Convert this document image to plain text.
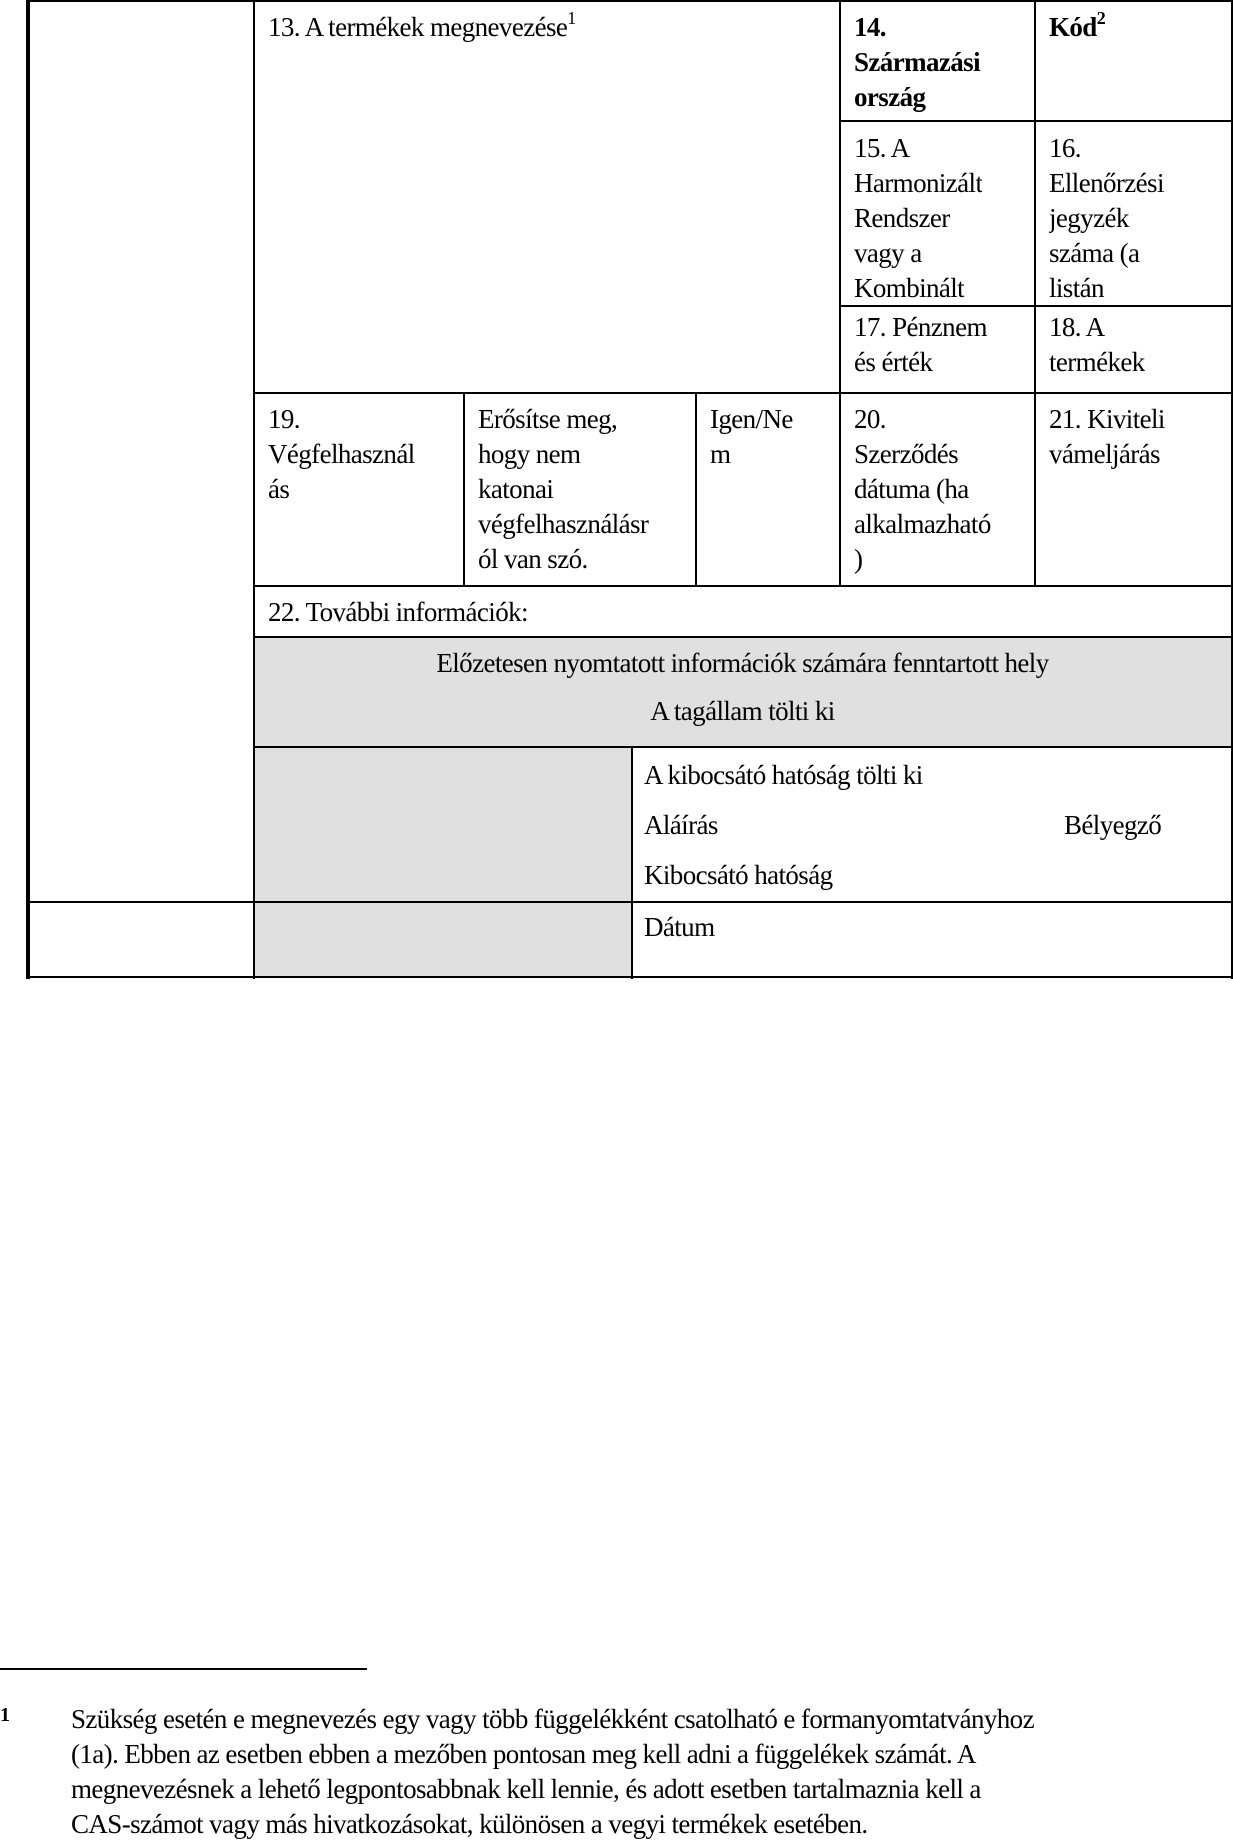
13. A termékek megnevezése$^1$	14.
Származási
ország
Kód$^2$
15. A
Harmonizált
Rendszer
vagy a
Kombinált
16.
Ellenőrzési
jegyzék
száma (a
listán
17. Pénznem
és érték
18. A
termékek
19.
Végfelhasznál
ás
Erősítse meg,
hogy nem
katonai
végfelhasználásr
ól van szó.
Igen/Ne
m
20.
Szerződés
dátuma (ha
alkalmazható
)
21. Kiviteli
vámeljárás
22. További információk:
Előzetesen nyomtatott információk számára fenntartott hely
A tagállam tölti ki
A kibocsátó hatóság tölti ki
Aláírás	Bélyegző
Kibocsátó hatóság
Dátum
1 Szükség esetén e megnevezés egy vagy több függelékként csatolható e formanyomtatványhoz
(1a). Ebben az esetben ebben a mezőben pontosan meg kell adni a függelékek számát. A
megnevezésnek a lehető legpontosabbnak kell lennie, és adott esetben tartalmaznia kell a
CAS-számot vagy más hivatkozásokat, különösen a vegyi termékek esetében.
